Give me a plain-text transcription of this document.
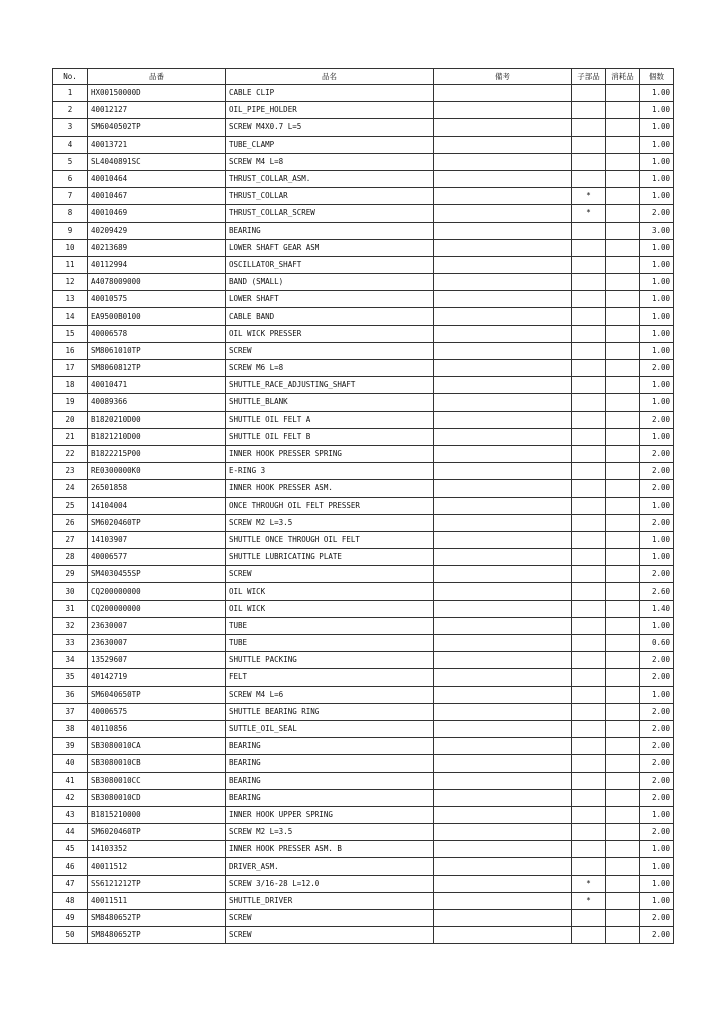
No.	品番	品名	備考	子部品	消耗品	個数
1	HX00150000D	CABLE CLIP				1.00
2	40012127	OIL_PIPE_HOLDER				1.00
3	SM6040502TP	SCREW M4X0.7 L=5				1.00
4	40013721	TUBE_CLAMP				1.00
5	SL4040891SC	SCREW M4 L=8				1.00
6	40010464	THRUST_COLLAR_ASM.				1.00
7	40010467	THRUST_COLLAR		*		1.00
8	40010469	THRUST_COLLAR_SCREW		*		2.00
9	40209429	BEARING				3.00
10	40213689	LOWER SHAFT GEAR ASM				1.00
11	40112994	OSCILLATOR_SHAFT				1.00
12	A4078009000	BAND (SMALL)				1.00
13	40010575	LOWER SHAFT				1.00
14	EA9500B0100	CABLE BAND				1.00
15	40006578	OIL WICK PRESSER				1.00
16	SM8061010TP	SCREW				1.00
17	SM8060812TP	SCREW M6 L=8				2.00
18	40010471	SHUTTLE_RACE_ADJUSTING_SHAFT				1.00
19	40089366	SHUTTLE_BLANK				1.00
20	B1820210D00	SHUTTLE OIL FELT A				2.00
21	B1821210D00	SHUTTLE OIL FELT B				1.00
22	B1822215P00	INNER HOOK PRESSER SPRING				2.00
23	RE0300000K0	E-RING 3				2.00
24	26501858	INNER HOOK PRESSER ASM.				2.00
25	14104004	ONCE THROUGH OIL FELT PRESSER				1.00
26	SM6020460TP	SCREW M2 L=3.5				2.00
27	14103907	SHUTTLE ONCE THROUGH OIL FELT				1.00
28	40006577	SHUTTLE LUBRICATING PLATE				1.00
29	SM4030455SP	SCREW				2.00
30	CQ200000000	OIL WICK				2.60
31	CQ200000000	OIL WICK				1.40
32	23630007	TUBE				1.00
33	23630007	TUBE				0.60
34	13529607	SHUTTLE PACKING				2.00
35	40142719	FELT				2.00
36	SM6040650TP	SCREW M4 L=6				1.00
37	40006575	SHUTTLE BEARING RING				2.00
38	40110856	SUTTLE_OIL_SEAL				2.00
39	SB3080010CA	BEARING				2.00
40	SB3080010CB	BEARING				2.00
41	SB3080010CC	BEARING				2.00
42	SB3080010CD	BEARING				2.00
43	B1815210000	INNER HOOK UPPER SPRING				1.00
44	SM6020460TP	SCREW M2 L=3.5				2.00
45	14103352	INNER HOOK PRESSER ASM. B				1.00
46	40011512	DRIVER_ASM.				1.00
47	SS6121212TP	SCREW 3/16-28 L=12.0		*		1.00
48	40011511	SHUTTLE_DRIVER		*		1.00
49	SM8480652TP	SCREW				2.00
50	SM8480652TP	SCREW				2.00
